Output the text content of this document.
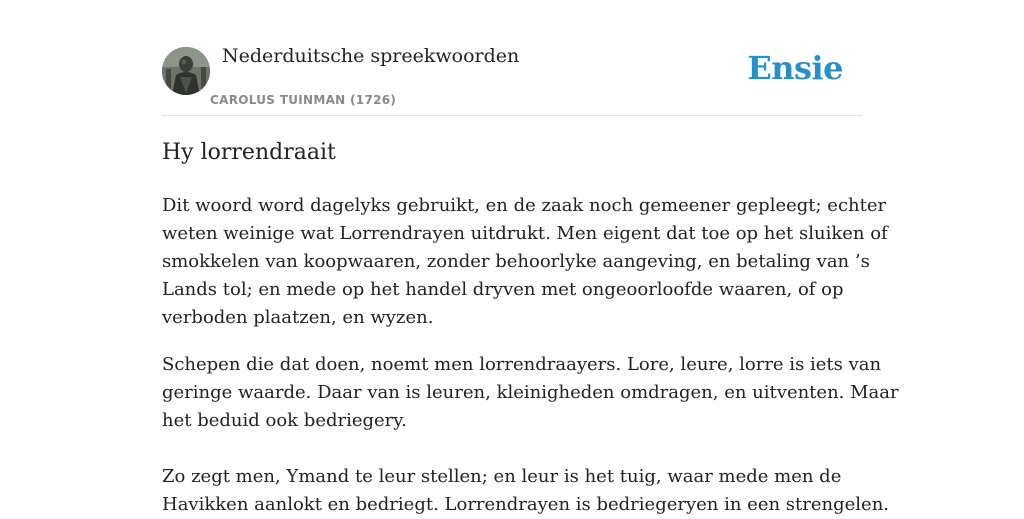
Nederduitsche spreekwoorden
CAROLUS TUINMAN (1726)
Ensie
Hy lorrendraait
Dit woord word dagelyks gebruikt, en de zaak noch gemeener gepleegt; echter
weten weinige wat Lorrendrayen uitdrukt. Men eigent dat toe op het sluiken of
smokkelen van koopwaaren, zonder behoorlyke aangeving, en betaling van ’s
Lands tol; en mede op het handel dryven met ongeoorloofde waaren, of op
verboden plaatzen, en wyzen.
Schepen die dat doen, noemt men lorrendraayers. Lore, leure, lorre is iets van
geringe waarde. Daar van is leuren, kleinigheden omdragen, en uitventen. Maar
het beduid ook bedriegery.
Zo zegt men, Ymand te leur stellen; en leur is het tuig, waar mede men de
Havikken aanlokt en bedriegt. Lorrendrayen is bedriegeryen in een strengelen.
